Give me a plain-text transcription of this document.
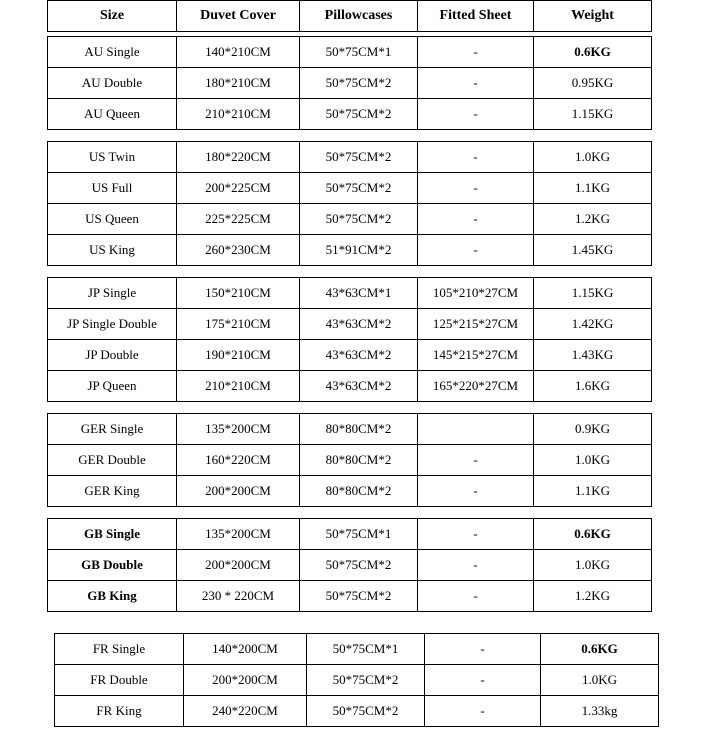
Size	Duvet Cover	Pillowcases	Fitted Sheet	Weight
AU Single	140*210CM	50*75CM*1	-	0.6KG
AU Double	180*210CM	50*75CM*2	-	0.95KG
AU Queen	210*210CM	50*75CM*2	-	1.15KG
US Twin	180*220CM	50*75CM*2	-	1.0KG
US Full	200*225CM	50*75CM*2	-	1.1KG
US Queen	225*225CM	50*75CM*2	-	1.2KG
US King	260*230CM	51*91CM*2	-	1.45KG
JP Single	150*210CM	43*63CM*1	105*210*27CM	1.15KG
JP Single Double	175*210CM	43*63CM*2	125*215*27CM	1.42KG
JP Double	190*210CM	43*63CM*2	145*215*27CM	1.43KG
JP Queen	210*210CM	43*63CM*2	165*220*27CM	1.6KG
GER Single	135*200CM	80*80CM*2		0.9KG
GER Double	160*220CM	80*80CM*2	-	1.0KG
GER King	200*200CM	80*80CM*2	-	1.1KG
GB Single	135*200CM	50*75CM*1	-	0.6KG
GB Double	200*200CM	50*75CM*2	-	1.0KG
GB King	230 * 220CM	50*75CM*2	-	1.2KG
FR Single	140*200CM	50*75CM*1	-	0.6KG
FR Double	200*200CM	50*75CM*2	-	1.0KG
FR King	240*220CM	50*75CM*2	-	1.33kg
